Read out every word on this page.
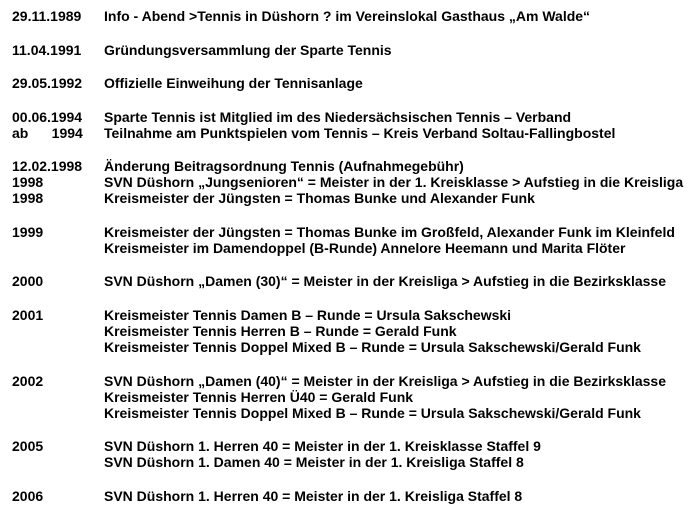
29.11.1989 Info - Abend >Tennis in Düshorn ? im Vereinslokal Gasthaus „Am Walde“
11.04.1991 Gründungsversammlung der Sparte Tennis
29.05.1992 Offizielle Einweihung der Tennisanlage
00.06.1994 Sparte Tennis ist Mitglied im des Niedersächsischen Tennis – Verband
ab      1994 Teilnahme am Punktspielen vom Tennis – Kreis Verband Soltau-Fallingbostel
12.02.1998 Änderung Beitragsordnung Tennis (Aufnahmegebühr)
1998	SVN Düshorn „Jungsenioren“ = Meister in der 1. Kreisklasse > Aufstieg in die Kreisliga
1998	Kreismeister der Jüngsten = Thomas Bunke und Alexander Funk
1999	Kreismeister der Jüngsten = Thomas Bunke im Großfeld, Alexander Funk im Kleinfeld
Kreismeister im Damendoppel (B-Runde) Annelore Heemann und Marita Flöter
2000	SVN Düshorn „Damen (30)“ = Meister in der Kreisliga > Aufstieg in die Bezirksklasse
2001	Kreismeister Tennis Damen B – Runde = Ursula Sakschewski
Kreismeister Tennis Herren B – Runde = Gerald Funk
Kreismeister Tennis Doppel Mixed B – Runde = Ursula Sakschewski/Gerald Funk
2002	SVN Düshorn „Damen (40)“ = Meister in der Kreisliga > Aufstieg in die Bezirksklasse
Kreismeister Tennis Herren Ü40 = Gerald Funk
Kreismeister Tennis Doppel Mixed B – Runde = Ursula Sakschewski/Gerald Funk
2005	SVN Düshorn 1. Herren 40 = Meister in der 1. Kreisklasse Staffel 9
SVN Düshorn 1. Damen 40 = Meister in der 1. Kreisliga Staffel 8
2006	SVN Düshorn 1. Herren 40 = Meister in der 1. Kreisliga Staffel 8
